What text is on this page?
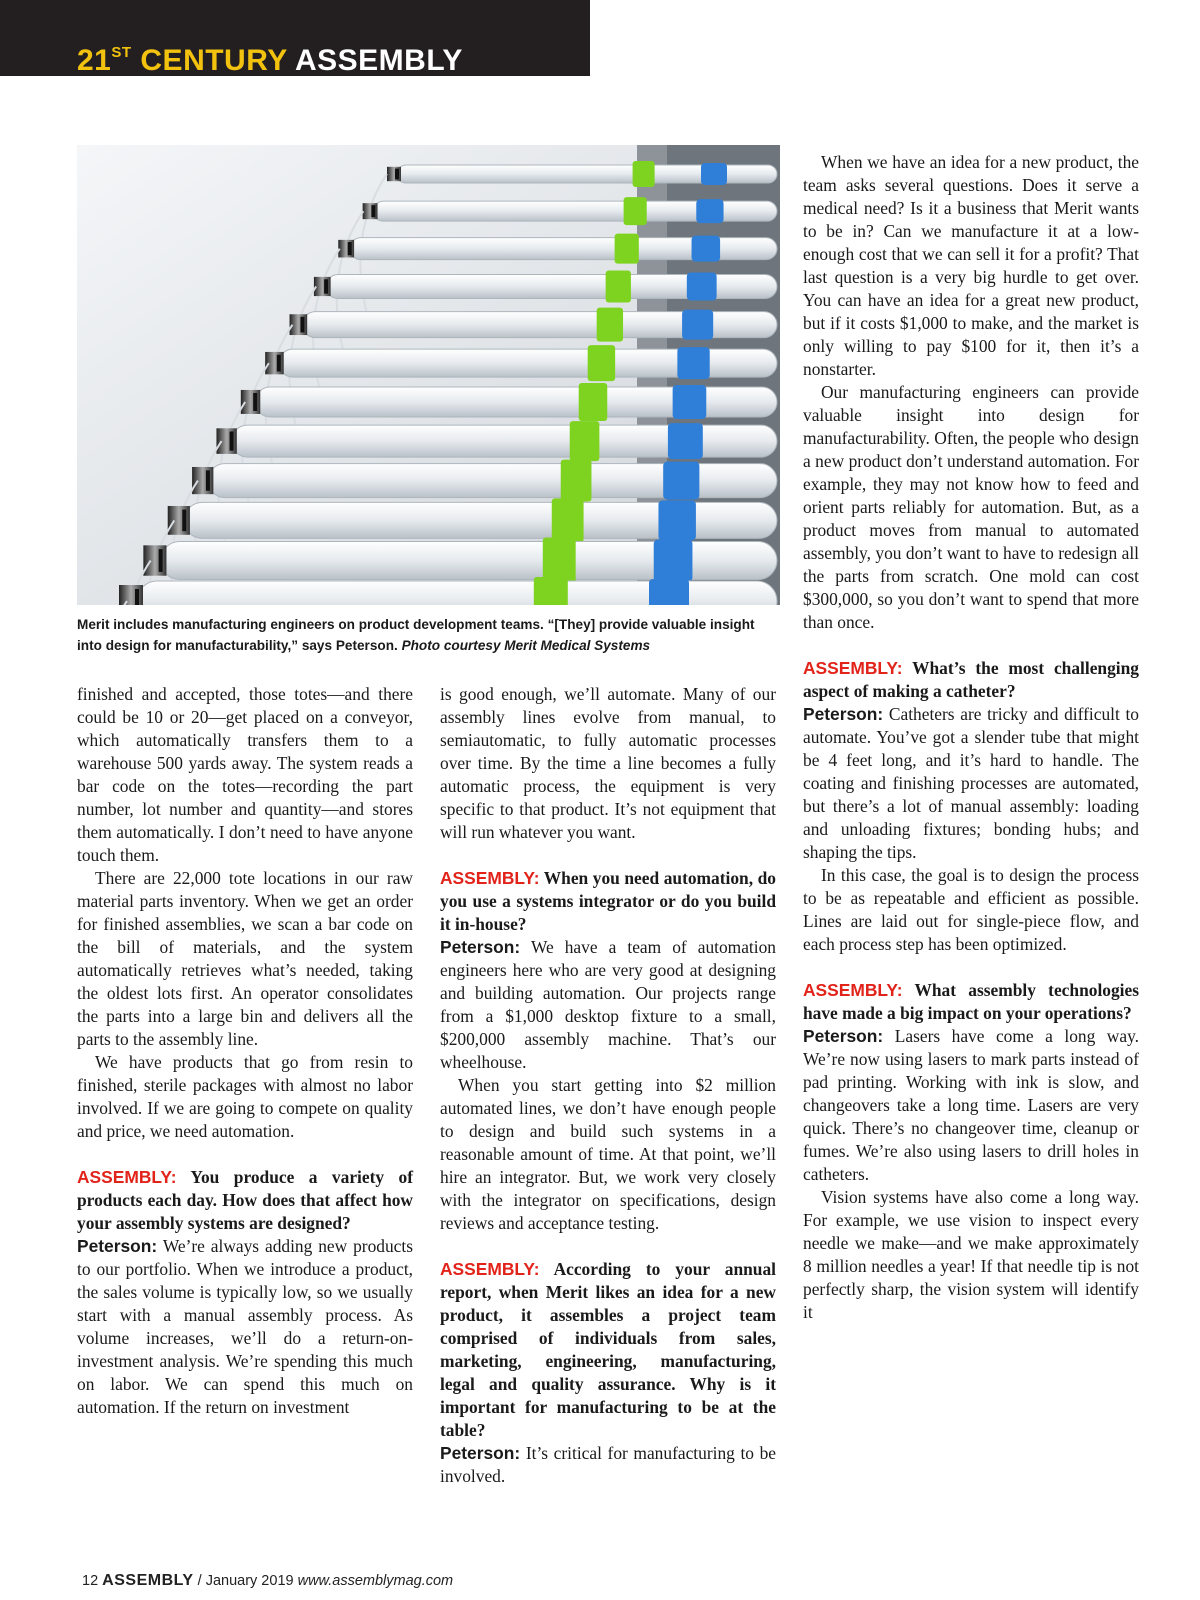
21ST CENTURY ASSEMBLY
Merit includes manufacturing engineers on product development teams. “[They] provide valuable insight into design for manufacturability,” says Peterson. Photo courtesy Merit Medical Systems

finished and accepted, those totes—and there could be 10 or 20—get placed on a conveyor, which automatically transfers them to a warehouse 500 yards away. The system reads a bar code on the totes—recording the part number, lot number and quantity—and stores them automatically. I don’t need to have anyone touch them.

There are 22,000 tote locations in our raw material parts inventory. When we get an order for finished assemblies, we scan a bar code on the bill of materials, and the system automatically retrieves what’s needed, taking the oldest lots first. An operator consolidates the parts into a large bin and delivers all the parts to the assembly line.

We have products that go from resin to finished, sterile packages with almost no labor involved. If we are going to compete on quality and price, we need automation.

ASSEMBLY: You produce a variety of products each day. How does that affect how your assembly systems are designed?

Peterson: We’re always adding new products to our portfolio. When we introduce a product, the sales volume is typically low, so we usually start with a manual assembly process. As volume increases, we’ll do a return-on-investment analysis. We’re spending this much on labor. We can spend this much on automation. If the return on investment

is good enough, we’ll automate. Many of our assembly lines evolve from manual, to semiautomatic, to fully automatic processes over time. By the time a line becomes a fully automatic process, the equipment is very specific to that product. It’s not equipment that will run whatever you want.

ASSEMBLY: When you need automation, do you use a systems integrator or do you build it in-house?

Peterson: We have a team of automation engineers here who are very good at designing and building automation. Our projects range from a $1,000 desktop fixture to a small, $200,000 assembly machine. That’s our wheelhouse.

When you start getting into $2 million automated lines, we don’t have enough people to design and build such systems in a reasonable amount of time. At that point, we’ll hire an integrator. But, we work very closely with the integrator on specifications, design reviews and acceptance testing.

ASSEMBLY: According to your annual report, when Merit likes an idea for a new product, it assembles a project team comprised of individuals from sales, marketing, engineering, manufacturing, legal and quality assurance. Why is it important for manufacturing to be at the table?

Peterson: It’s critical for manufacturing to be involved.

When we have an idea for a new product, the team asks several questions. Does it serve a medical need? Is it a business that Merit wants to be in? Can we manufacture it at a low-enough cost that we can sell it for a profit? That last question is a very big hurdle to get over. You can have an idea for a great new product, but if it costs $1,000 to make, and the market is only willing to pay $100 for it, then it’s a nonstarter.

Our manufacturing engineers can provide valuable insight into design for manufacturability. Often, the people who design a new product don’t understand automation. For example, they may not know how to feed and orient parts reliably for automation. But, as a product moves from manual to automated assembly, you don’t want to have to redesign all the parts from scratch. One mold can cost $300,000, so you don’t want to spend that more than once.

ASSEMBLY: What’s the most challenging aspect of making a catheter?

Peterson: Catheters are tricky and difficult to automate. You’ve got a slender tube that might be 4 feet long, and it’s hard to handle. The coating and finishing processes are automated, but there’s a lot of manual assembly: loading and unloading fixtures; bonding hubs; and shaping the tips.

In this case, the goal is to design the process to be as repeatable and efficient as possible. Lines are laid out for single-piece flow, and each process step has been optimized.

ASSEMBLY: What assembly technologies have made a big impact on your operations?

Peterson: Lasers have come a long way. We’re now using lasers to mark parts instead of pad printing. Working with ink is slow, and changeovers take a long time. Lasers are very quick. There’s no changeover time, cleanup or fumes. We’re also using lasers to drill holes in catheters.

Vision systems have also come a long way. For example, we use vision to inspect every needle we make—and we make approximately 8 million needles a year! If that needle tip is not perfectly sharp, the vision system will identify it

12 ASSEMBLY / January 2019 www.assemblymag.com
